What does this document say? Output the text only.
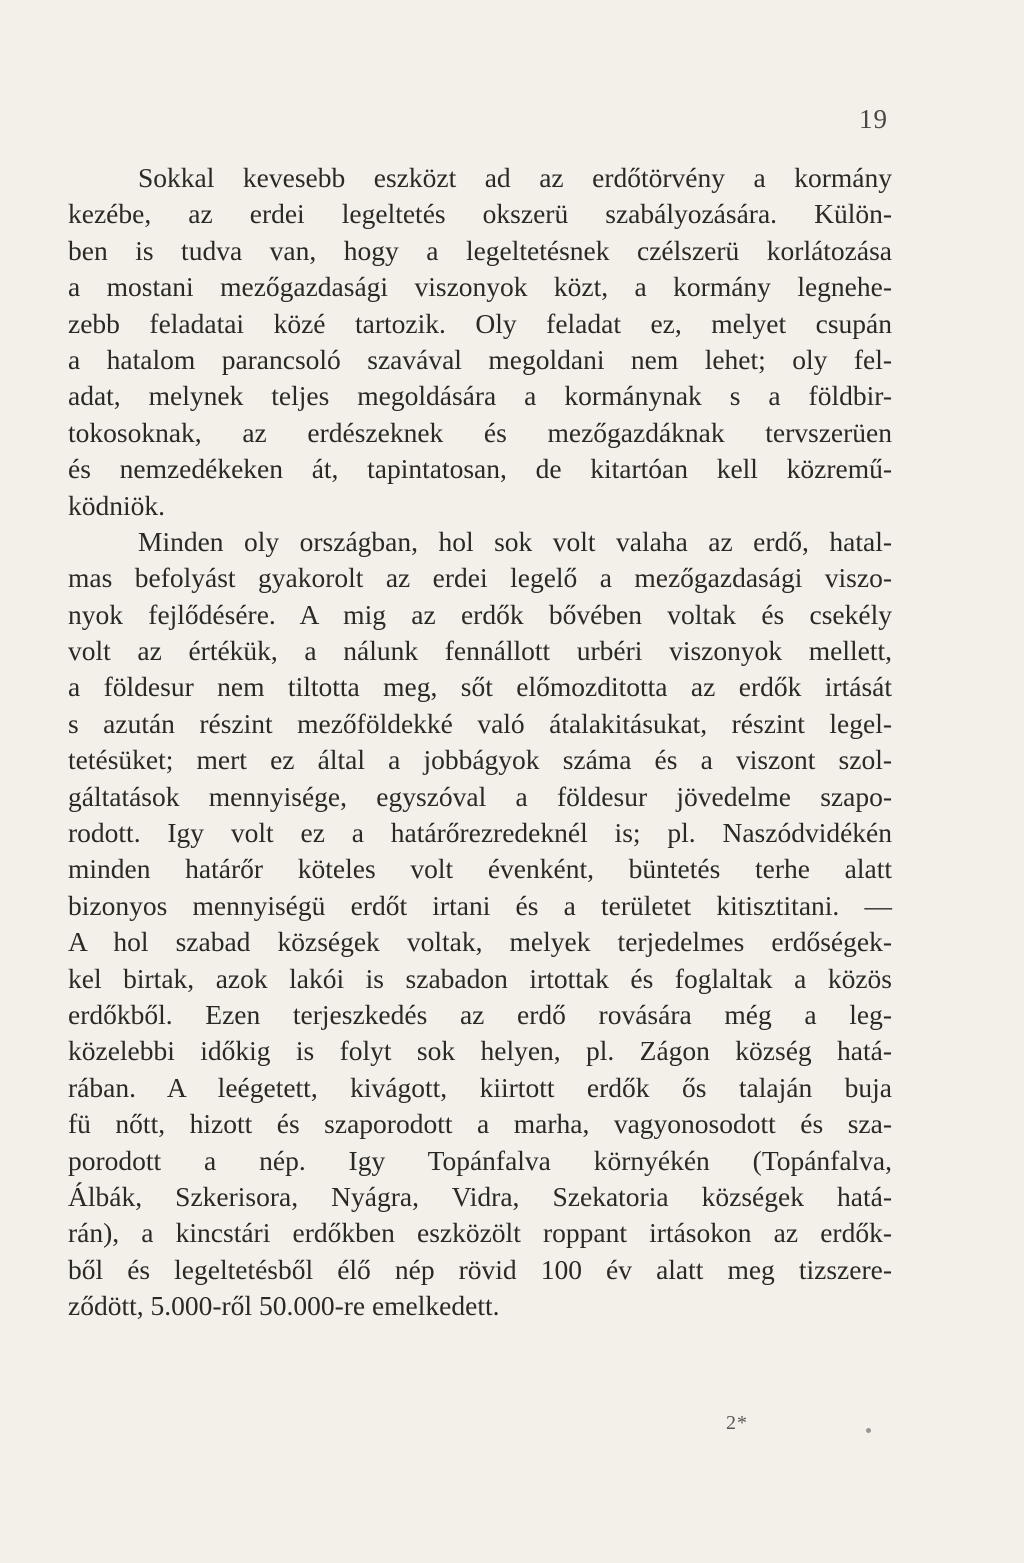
19
Sokkal kevesebb eszközt ad az erdőtörvény a kormány
kezébe, az erdei legeltetés okszerü szabályozására. Külön-
ben is tudva van, hogy a legeltetésnek czélszerü korlátozása
a mostani mezőgazdasági viszonyok közt, a kormány legnehe-
zebb feladatai közé tartozik. Oly feladat ez, melyet csupán
a hatalom parancsoló szavával megoldani nem lehet; oly fel-
adat, melynek teljes megoldására a kormánynak s a földbir-
tokosoknak, az erdészeknek és mezőgazdáknak tervszerüen
és nemzedékeken át, tapintatosan, de kitartóan kell közremű-
ködniök.
Minden oly országban, hol sok volt valaha az erdő, hatal-
mas befolyást gyakorolt az erdei legelő a mezőgazdasági viszo-
nyok fejlődésére. A mig az erdők bővében voltak és csekély
volt az értékük, a nálunk fennállott urbéri viszonyok mellett,
a földesur nem tiltotta meg, sőt előmozditotta az erdők irtását
s azután részint mezőföldekké való átalakitásukat, részint legel-
tetésüket; mert ez által a jobbágyok száma és a viszont szol-
gáltatások mennyisége, egyszóval a földesur jövedelme szapo-
rodott. Igy volt ez a határőrezredeknél is; pl. Naszódvidékén
minden határőr köteles volt évenként, büntetés terhe alatt
bizonyos mennyiségü erdőt irtani és a területet kitisztitani. —
A hol szabad községek voltak, melyek terjedelmes erdőségek-
kel birtak, azok lakói is szabadon irtottak és foglaltak a közös
erdőkből. Ezen terjeszkedés az erdő rovására még a leg-
közelebbi időkig is folyt sok helyen, pl. Zágon község hatá-
rában. A leégetett, kivágott, kiirtott erdők ős talaján buja
fü nőtt, hizott és szaporodott a marha, vagyonosodott és sza-
porodott a nép. Igy Topánfalva környékén (Topánfalva,
Álbák, Szkerisora, Nyágra, Vidra, Szekatoria községek hatá-
rán), a kincstári erdőkben eszközölt roppant irtásokon az erdők-
ből és legeltetésből élő nép rövid 100 év alatt meg tizszere-
ződött, 5.000-ről 50.000-re emelkedett.
2*
